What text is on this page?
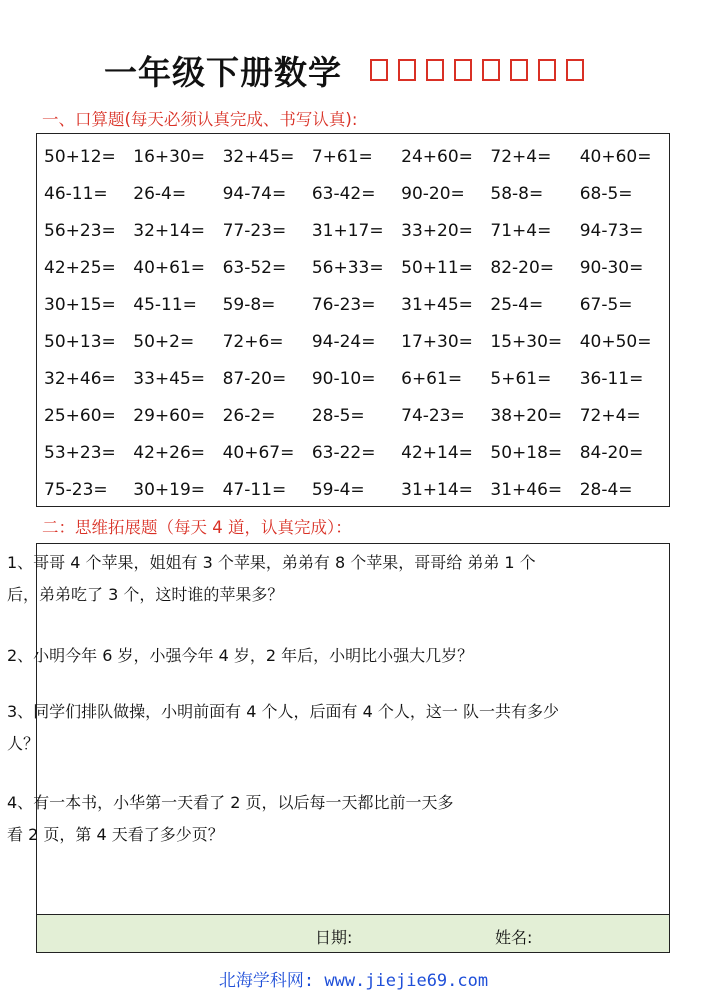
一年级下册数学
一、口算题(每天必须认真完成、书写认真):
50+12=	16+30=	32+45=	7+61=	24+60=	72+4=	40+60=
46-11=	26-4=	94-74=	63-42=	90-20=	58-8=	68-5=
56+23=	32+14=	77-23=	31+17=	33+20=	71+4=	94-73=
42+25=	40+61=	63-52=	56+33=	50+11=	82-20=	90-30=
30+15=	45-11=	59-8=	76-23=	31+45=	25-4=	67-5=
50+13=	50+2=	72+6=	94-24=	17+30=	15+30=	40+50=
32+46=	33+45=	87-20=	90-10=	6+61=	5+61=	36-11=
25+60=	29+60=	26-2=	28-5=	74-23=	38+20=	72+4=
53+23=	42+26=	40+67=	63-22=	42+14=	50+18=	84-20=
75-23=	30+19=	47-11=	59-4=	31+14=	31+46=	28-4=
二：思维拓展题（每天 4 道，认真完成）：

1、哥哥 4 个苹果，姐姐有 3 个苹果，弟弟有 8 个苹果，哥哥给 弟弟 1 个

后，弟弟吃了 3 个，这时谁的苹果多？

2、小明今年 6 岁，小强今年 4 岁，2 年后，小明比小强大几岁？

3、同学们排队做操，小明前面有 4 个人，后面有 4 个人，这一 队一共有多少

人？

4、有一本书，小华第一天看了 2 页，以后每一天都比前一天多

看 2 页，第 4 天看了多少页？

日期:	姓名:
北海学科网: www.jiejie69.com
